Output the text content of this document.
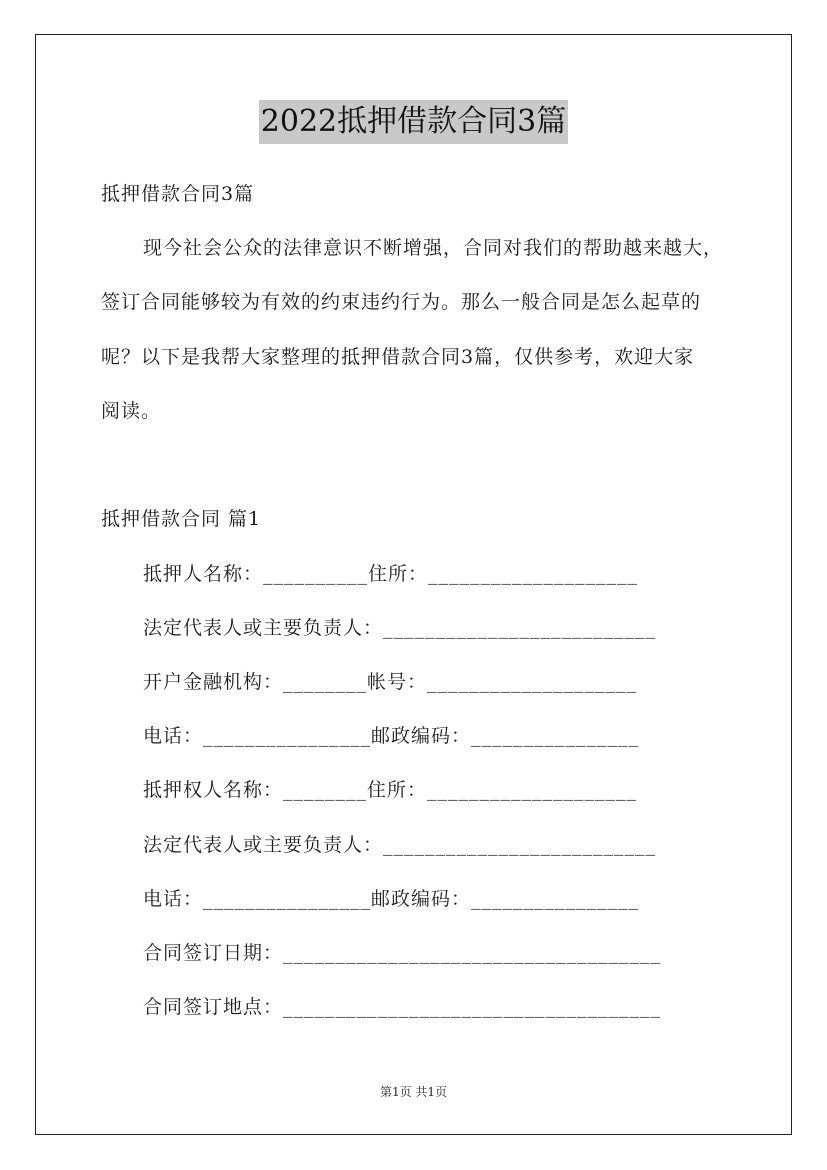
2022抵押借款合同3篇
抵押借款合同3篇
现今社会公众的法律意识不断增强，合同对我们的帮助越来越大，
签订合同能够较为有效的约束违约行为。那么一般合同是怎么起草的
呢？以下是我帮大家整理的抵押借款合同3篇，仅供参考，欢迎大家
阅读。
抵押借款合同 篇1
抵押人名称：__________住所：____________________
法定代表人或主要负责人：__________________________
开户金融机构：________帐号：____________________
电话：________________邮政编码：________________
抵押权人名称：________住所：____________________
法定代表人或主要负责人：__________________________
电话：________________邮政编码：________________
合同签订日期：____________________________________
合同签订地点：____________________________________
第1页 共1页
